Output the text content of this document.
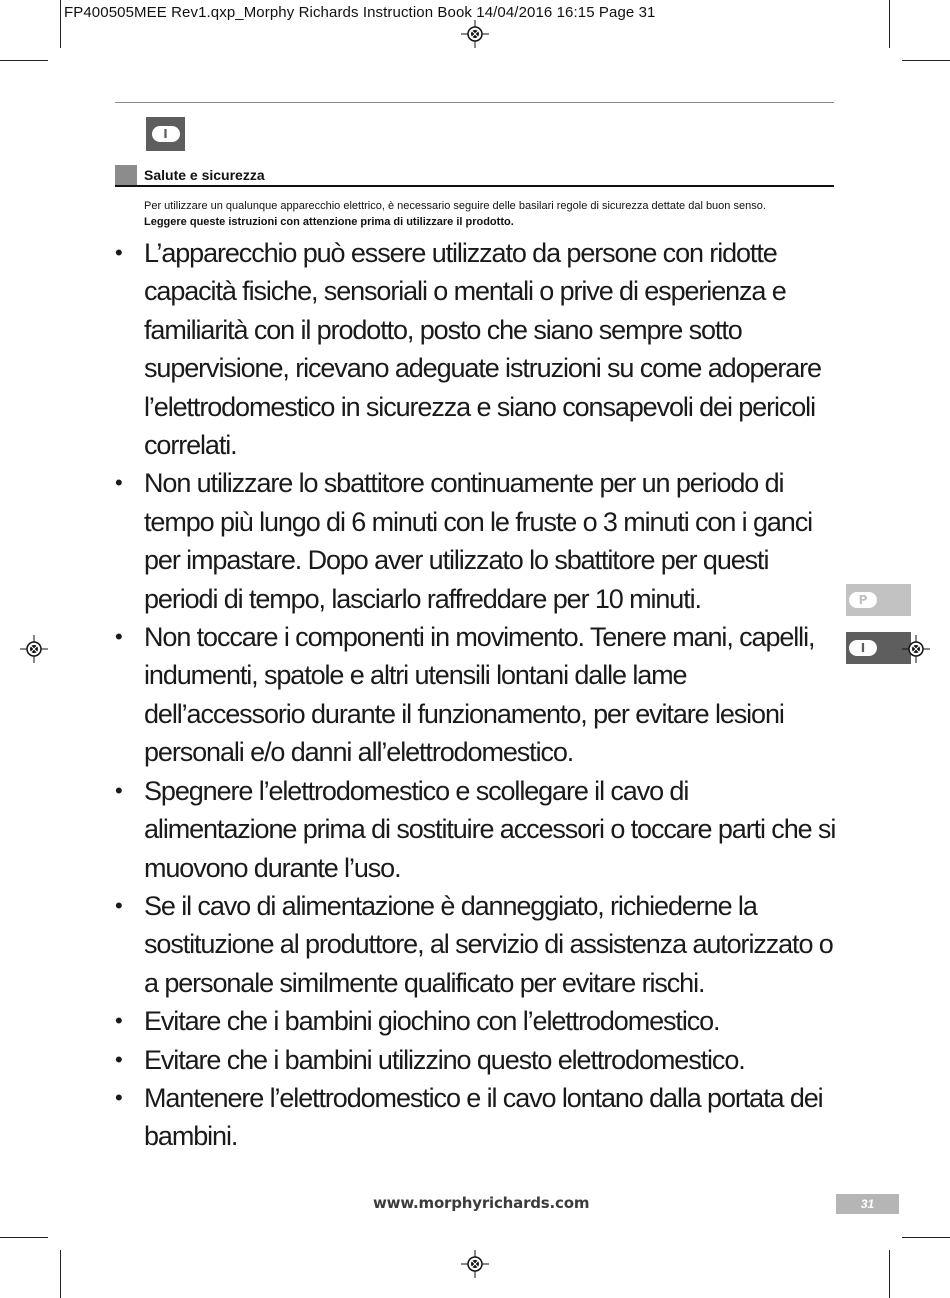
FP400505MEE Rev1.qxp_Morphy Richards Instruction Book 14/04/2016 16:15 Page 31
I
Salute e sicurezza
Per utilizzare un qualunque apparecchio elettrico, è necessario seguire delle basilari regole di sicurezza dettate dal buon senso.
Leggere queste istruzioni con attenzione prima di utilizzare il prodotto.
• L’apparecchio può essere utilizzato da persone con ridotte capacità fisiche, sensoriali o mentali o prive di esperienza e familiarità con il prodotto, posto che siano sempre sotto supervisione, ricevano adeguate istruzioni su come adoperare l’elettrodomestico in sicurezza e siano consapevoli dei pericoli correlati.
• Non utilizzare lo sbattitore continuamente per un periodo di tempo più lungo di 6 minuti con le fruste o 3 minuti con i ganci per impastare. Dopo aver utilizzato lo sbattitore per questi periodi di tempo, lasciarlo raffreddare per 10 minuti.
• Non toccare i componenti in movimento. Tenere mani, capelli, indumenti, spatole e altri utensili lontani dalle lame dell’accessorio durante il funzionamento, per evitare lesioni personali e/o danni all’elettrodomestico.
• Spegnere l’elettrodomestico e scollegare il cavo di alimentazione prima di sostituire accessori o toccare parti che si muovono durante l’uso.
• Se il cavo di alimentazione è danneggiato, richiederne la sostituzione al produttore, al servizio di assistenza autorizzato o a personale similmente qualificato per evitare rischi.
• Evitare che i bambini giochino con l’elettrodomestico.
• Evitare che i bambini utilizzino questo elettrodomestico.
• Mantenere l’elettrodomestico e il cavo lontano dalla portata dei bambini.
P
I
www.morphyrichards.com	31
